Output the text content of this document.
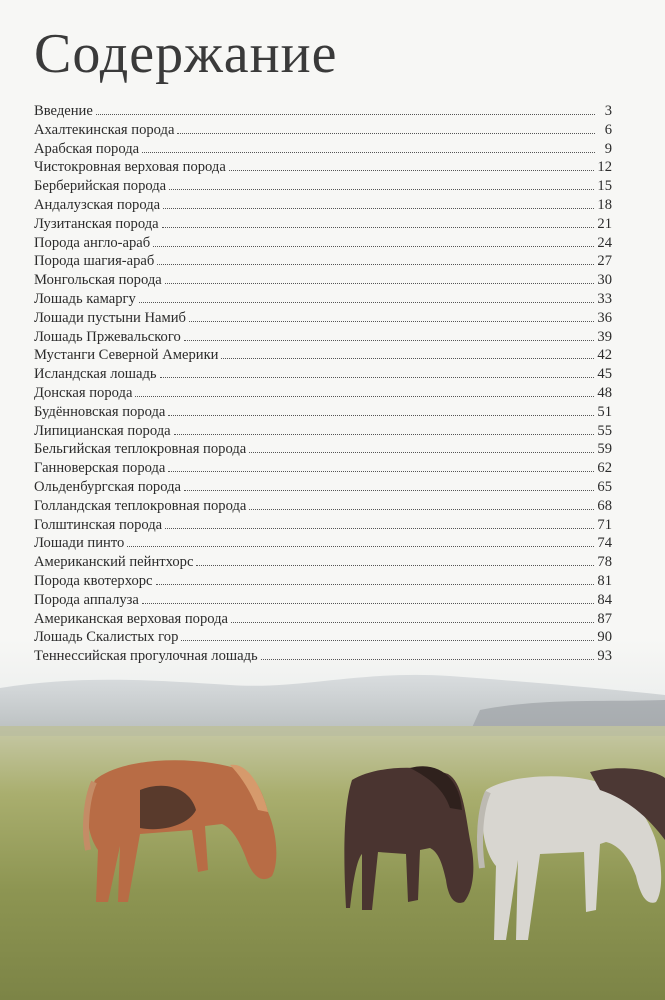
Содержание
Введение	3
Ахалтекинская порода	6
Арабская порода	9
Чистокровная верховая порода	12
Берберийская порода	15
Андалузская порода	18
Лузитанская порода	21
Порода англо-араб	24
Порода шагия-араб	27
Монгольская порода	30
Лошадь камаргу	33
Лошади пустыни Намиб	36
Лошадь Пржевальского	39
Мустанги Северной Америки	42
Исландская лошадь	45
Донская порода	48
Будённовская порода	51
Липицианская порода	55
Бельгийская теплокровная порода	59
Ганноверская порода	62
Ольденбургская порода	65
Голландская теплокровная порода	68
Голштинская порода	71
Лошади пинто	74
Американский пейнтхорс	78
Порода квотерхорс	81
Порода аппалуза	84
Американская верховая порода	87
Лошадь Скалистых гор	90
Теннессийская прогулочная лошадь	93
